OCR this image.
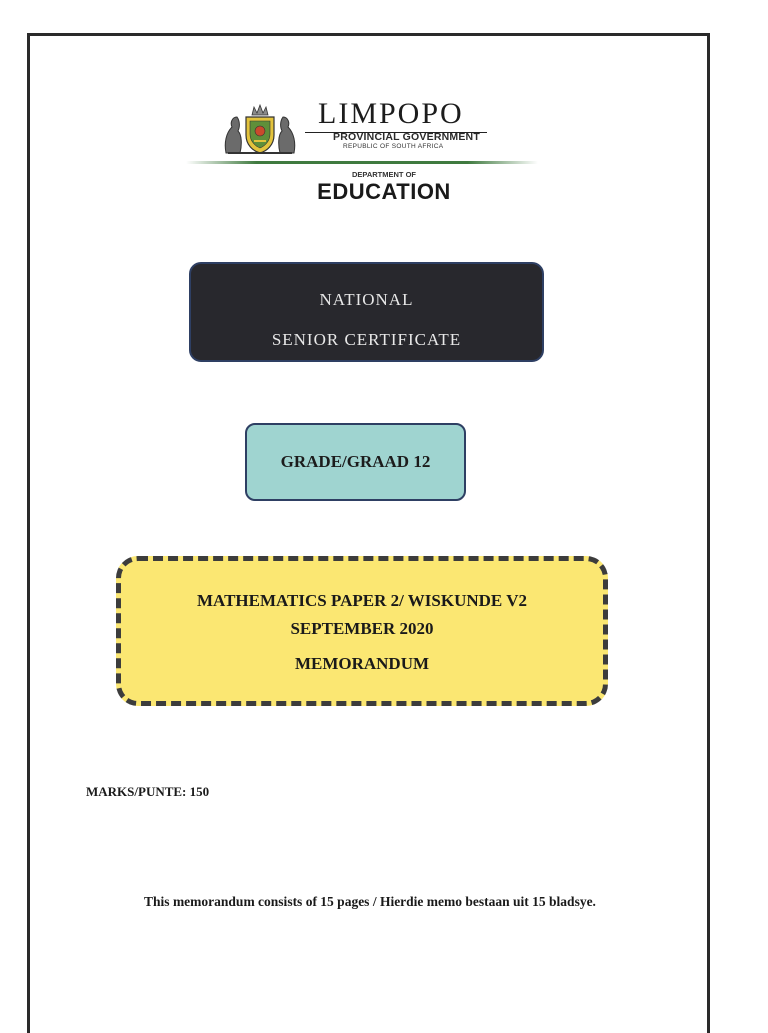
LIMPOPO
PROVINCIAL GOVERNMENT
REPUBLIC OF SOUTH AFRICA
DEPARTMENT OF
EDUCATION
NATIONAL
SENIOR CERTIFICATE
GRADE/GRAAD 12
MATHEMATICS PAPER 2/ WISKUNDE V2
SEPTEMBER 2020
MEMORANDUM
MARKS/PUNTE: 150
This memorandum consists of 15 pages / Hierdie memo bestaan uit 15 bladsye.
